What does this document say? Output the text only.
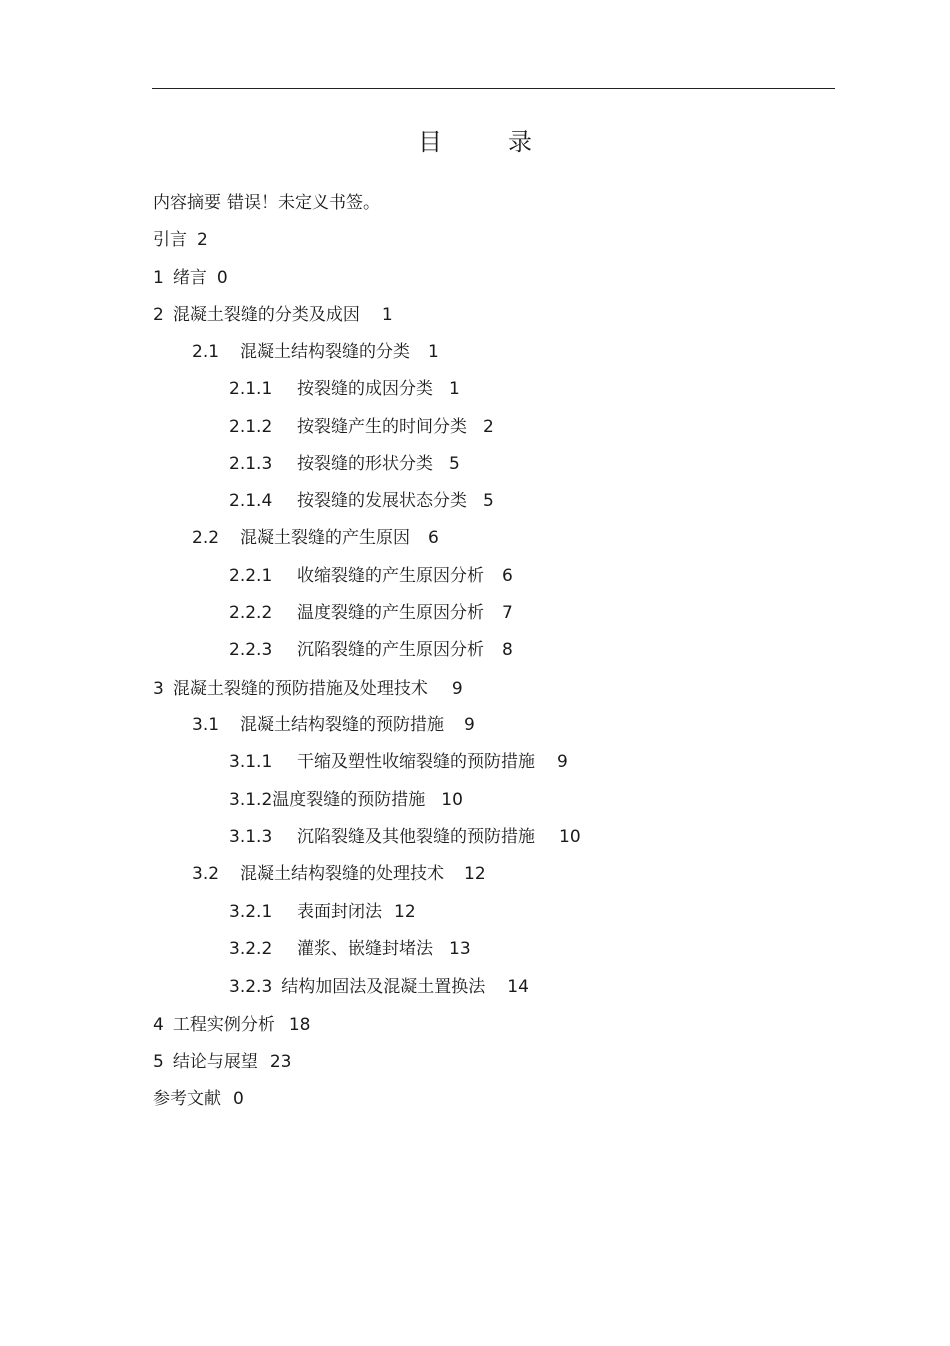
目	录
内容摘要 错误！未定义书签。
引言 2
1 绪言 0
2 混凝土裂缝的分类及成因 1
2.1 混凝土结构裂缝的分类 1
2.1.1 按裂缝的成因分类 1
2.1.2 按裂缝产生的时间分类 2
2.1.3 按裂缝的形状分类 5
2.1.4 按裂缝的发展状态分类 5
2.2 混凝土裂缝的产生原因 6
2.2.1 收缩裂缝的产生原因分析 6
2.2.2 温度裂缝的产生原因分析 7
2.2.3 沉陷裂缝的产生原因分析 8
3 混凝土裂缝的预防措施及处理技术 9
3.1 混凝土结构裂缝的预防措施 9
3.1.1 干缩及塑性收缩裂缝的预防措施 9
3.1.2温度裂缝的预防措施 10
3.1.3 沉陷裂缝及其他裂缝的预防措施 10
3.2 混凝土结构裂缝的处理技术 12
3.2.1 表面封闭法 12
3.2.2 灌浆、嵌缝封堵法 13
3.2.3 结构加固法及混凝土置换法 14
4 工程实例分析 18
5 结论与展望 23
参考文献 0
